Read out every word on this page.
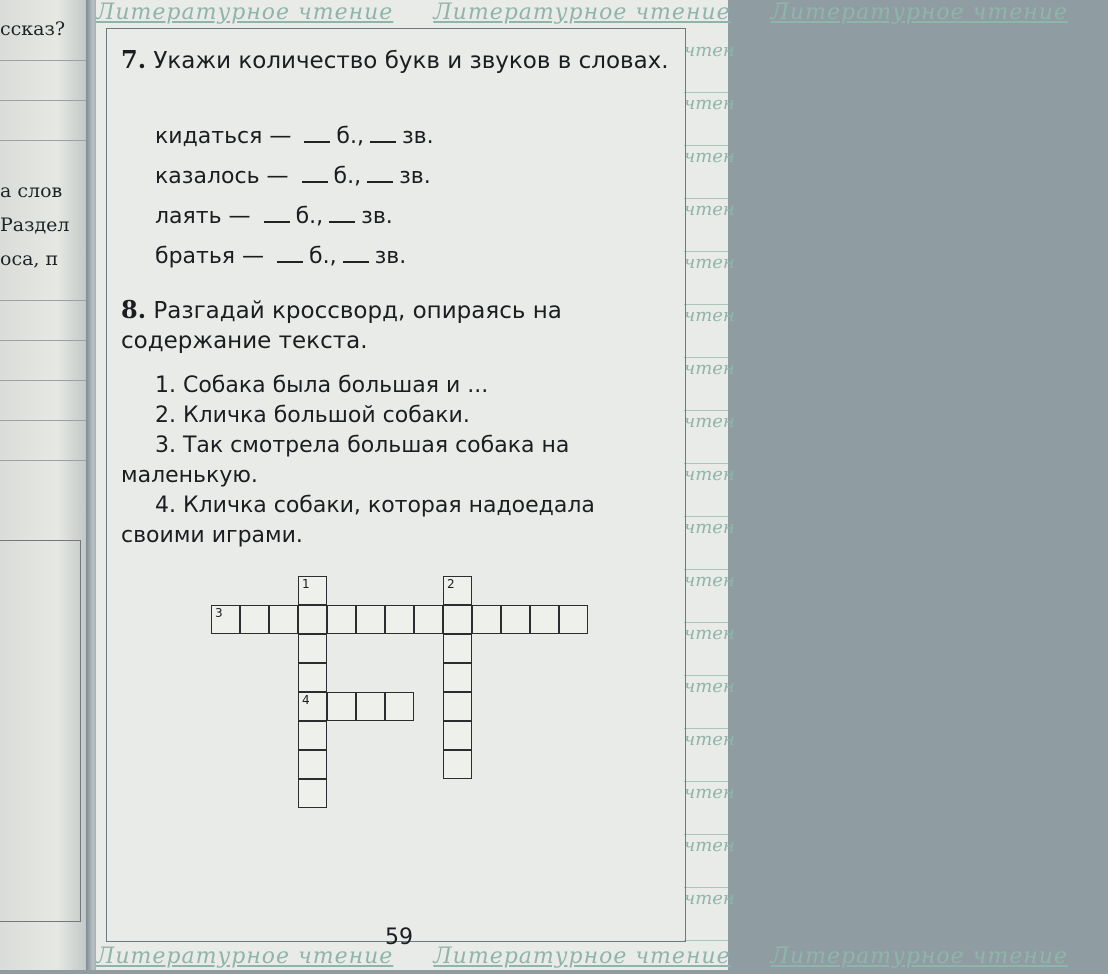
ссказ?
а слов
Раздел
оса, п
Литературное чтение Литературное чтение Литературное чтение
Литературное чтение Литературное чтение Литературное чтение
чтен
чтен
чтен
чтен
чтен
чтен
чтен
чтен
чтен
чтен
чтен
чтен
чтен
чтен
чтен
чтен
чтен
7. Укажи количество букв и звуков в словах.
кидаться — б., зв.
казалось — б., зв.
лаять — б., зв.
братья — б., зв.
8. Разгадай кроссворд, опираясь на содержание текста.
1. Собака была большая и ...
2. Кличка большой собаки.
3. Так смотрела большая собака на
маленькую.
4. Кличка собаки, которая надоедала
своими играми.
1
4
2
3
59
